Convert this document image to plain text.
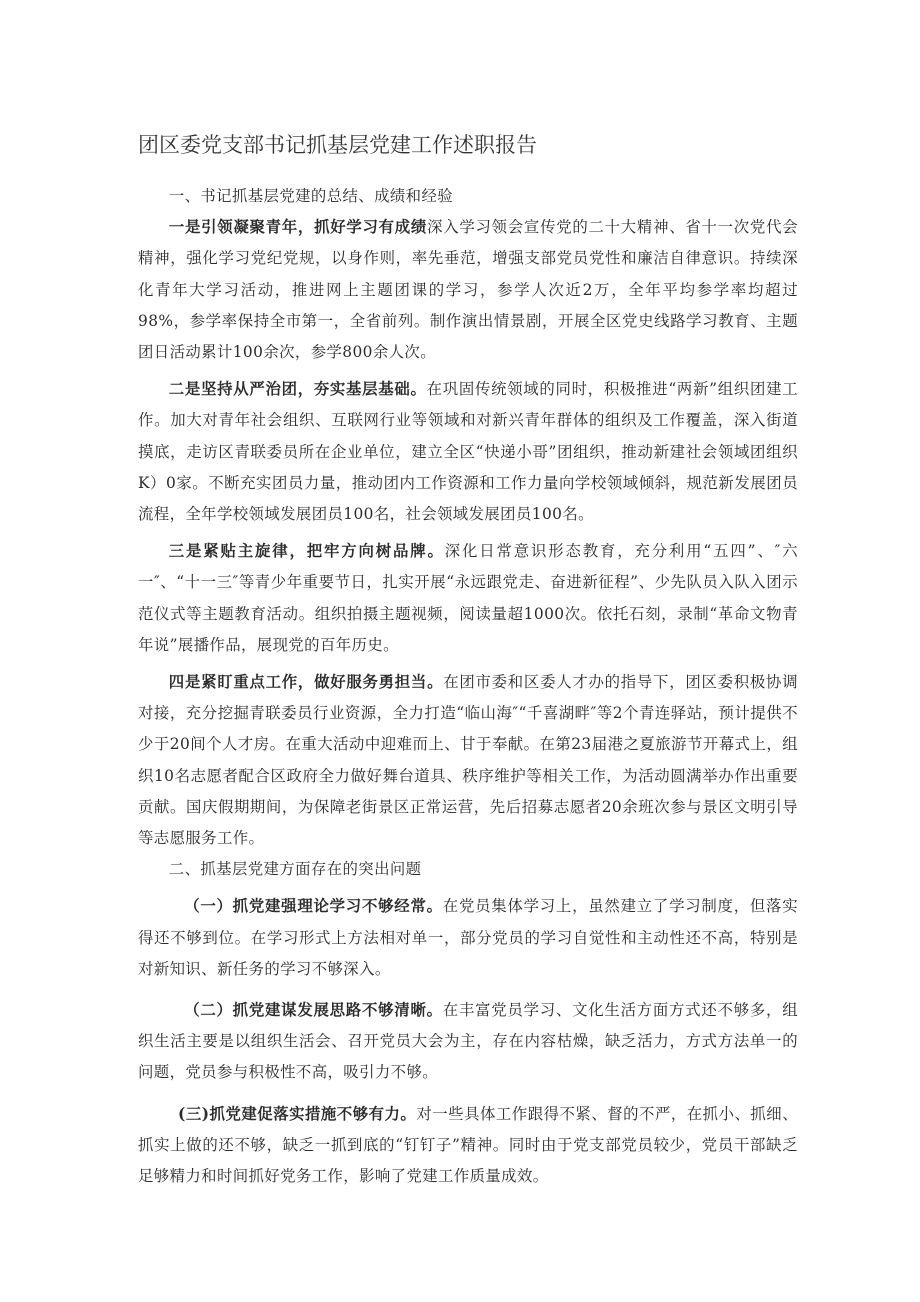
团区委党支部书记抓基层党建工作述职报告

一、书记抓基层党建的总结、成绩和经验

一是引领凝聚青年，抓好学习有成绩深入学习领会宣传党的二十大精神、省十一次党代会精神，强化学习党纪党规，以身作则，率先垂范，增强支部党员党性和廉洁自律意识。持续深化青年大学习活动，推进网上主题团课的学习，参学人次近2万，全年平均参学率均超过98%，参学率保持全市第一，全省前列。制作演出情景剧，开展全区党史线路学习教育、主题团日活动累计100余次，参学800余人次。

二是坚持从严治团，夯实基层基础。在巩固传统领域的同时，积极推进“两新”组织团建工作。加大对青年社会组织、互联网行业等领域和对新兴青年群体的组织及工作覆盖，深入街道摸底，走访区青联委员所在企业单位，建立全区“快递小哥”团组织，推动新建社会领域团组织K）0家。不断充实团员力量，推动团内工作资源和工作力量向学校领域倾斜，规范新发展团员流程，全年学校领域发展团员100名，社会领域发展团员100名。

三是紧贴主旋律，把牢方向树品牌。深化日常意识形态教育，充分利用“五四”、″六一″、“十一三″等青少年重要节日，扎实开展“永远跟党走、奋进新征程”、少先队员入队入团示范仪式等主题教育活动。组织拍摄主题视频，阅读量超1000次。依托石刻，录制“革命文物青年说”展播作品，展现党的百年历史。

四是紧盯重点工作，做好服务勇担当。在团市委和区委人才办的指导下，团区委积极协调对接，充分挖掘青联委员行业资源，全力打造“临山海″“千喜湖畔″等2个青连驿站，预计提供不少于20间个人才房。在重大活动中迎难而上、甘于奉献。在第23届港之夏旅游节开幕式上，组织10名志愿者配合区政府全力做好舞台道具、秩序维护等相关工作，为活动圆满举办作出重要贡献。国庆假期期间，为保障老街景区正常运营，先后招募志愿者20余班次参与景区文明引导等志愿服务工作。

二、抓基层党建方面存在的突出问题

（一）抓党建强理论学习不够经常。在党员集体学习上，虽然建立了学习制度，但落实得还不够到位。在学习形式上方法相对单一，部分党员的学习自觉性和主动性还不高，特别是对新知识、新任务的学习不够深入。

（二）抓党建谋发展思路不够清晰。在丰富党员学习、文化生活方面方式还不够多，组织生活主要是以组织生活会、召开党员大会为主，存在内容枯燥，缺乏活力，方式方法单一的问题，党员参与积极性不高，吸引力不够。

(三)抓党建促落实措施不够有力。对一些具体工作跟得不紧、督的不严，在抓小、抓细、抓实上做的还不够，缺乏一抓到底的“钉钉子”精神。同时由于党支部党员较少，党员干部缺乏足够精力和时间抓好党务工作，影响了党建工作质量成效。
